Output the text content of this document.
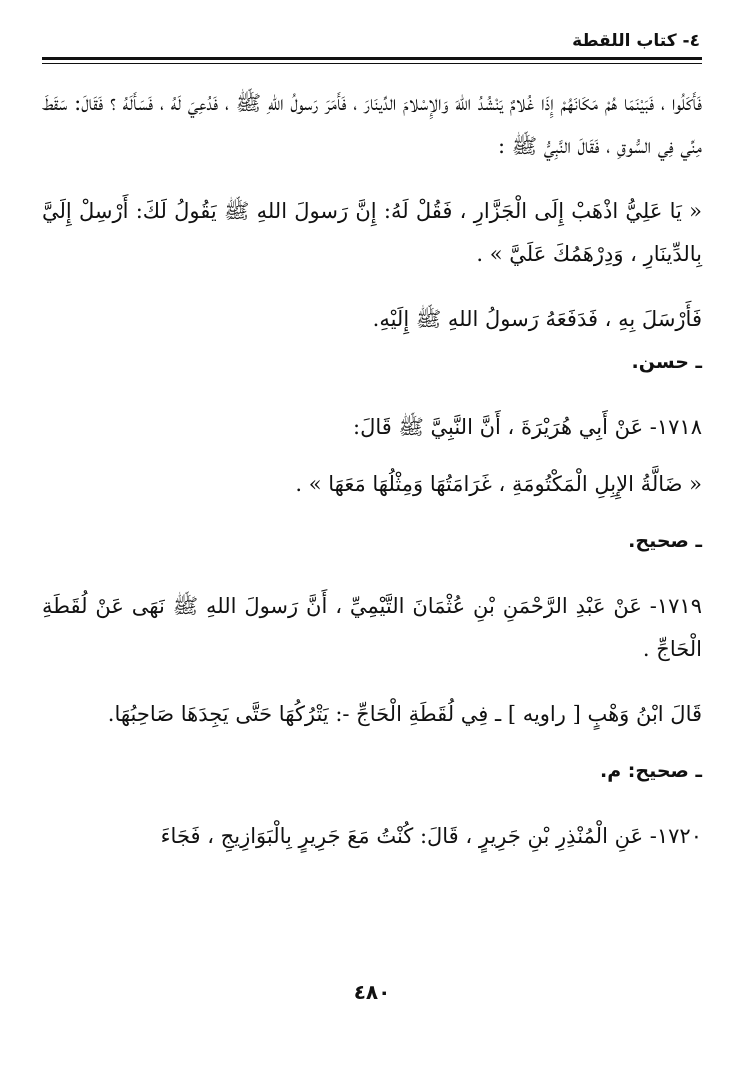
٤- كتاب اللقطة

فَأَكَلُوا ، فَبَيْنَمَا هُمْ مَكَانَهُمْ إِذَا غُلامٌ يَنْشُدُ اللهَ وَالإِسْلامَ الدِّينَارَ ، فَأَمَرَ رَسولُ اللهِ ﷺ ، فَدُعِيَ لَهُ ، فَسَأَلَهُ ؟ فَقَالَ: سَقَطَ مِنِّي فِي السُّوقِ ، فَقَالَ النَّبِيُّ ﷺ :

« يَا عَلِيُّ اذْهَبْ إِلَى الْجَزَّارِ ، فَقُلْ لَهُ: إِنَّ رَسولَ اللهِ ﷺ يَقُولُ لَكَ: أَرْسِلْ إِلَيَّ بِالدِّينَارِ ، وَدِرْهَمُكَ عَلَيَّ » .

فَأَرْسَلَ بِهِ ، فَدَفَعَهُ رَسولُ اللهِ ﷺ إِلَيْهِ.

ـ حسن.

١٧١٨- عَنْ أَبِي هُرَيْرَةَ ، أَنَّ النَّبِيَّ ﷺ قَالَ:

« ضَالَّةُ الإِبِلِ الْمَكْتُومَةِ ، غَرَامَتُهَا وَمِثْلُهَا مَعَهَا » .

ـ صحيح.

١٧١٩- عَنْ عَبْدِ الرَّحْمَنِ بْنِ عُثْمَانَ التَّيْمِيِّ ، أَنَّ رَسولَ اللهِ ﷺ نَهَى عَنْ لُقَطَةِ الْحَاجِّ .

قَالَ ابْنُ وَهْبٍ [ راويه ] ـ فِي لُقَطَةِ الْحَاجِّ -: يَتْرُكُهَا حَتَّى يَجِدَهَا صَاحِبُهَا.

ـ صحيح: م.

١٧٢٠- عَنِ الْمُنْذِرِ بْنِ جَرِيرٍ ، قَالَ: كُنْتُ مَعَ جَرِيرٍ بِالْبَوَازِيجِ ، فَجَاءَ

٤٨٠
